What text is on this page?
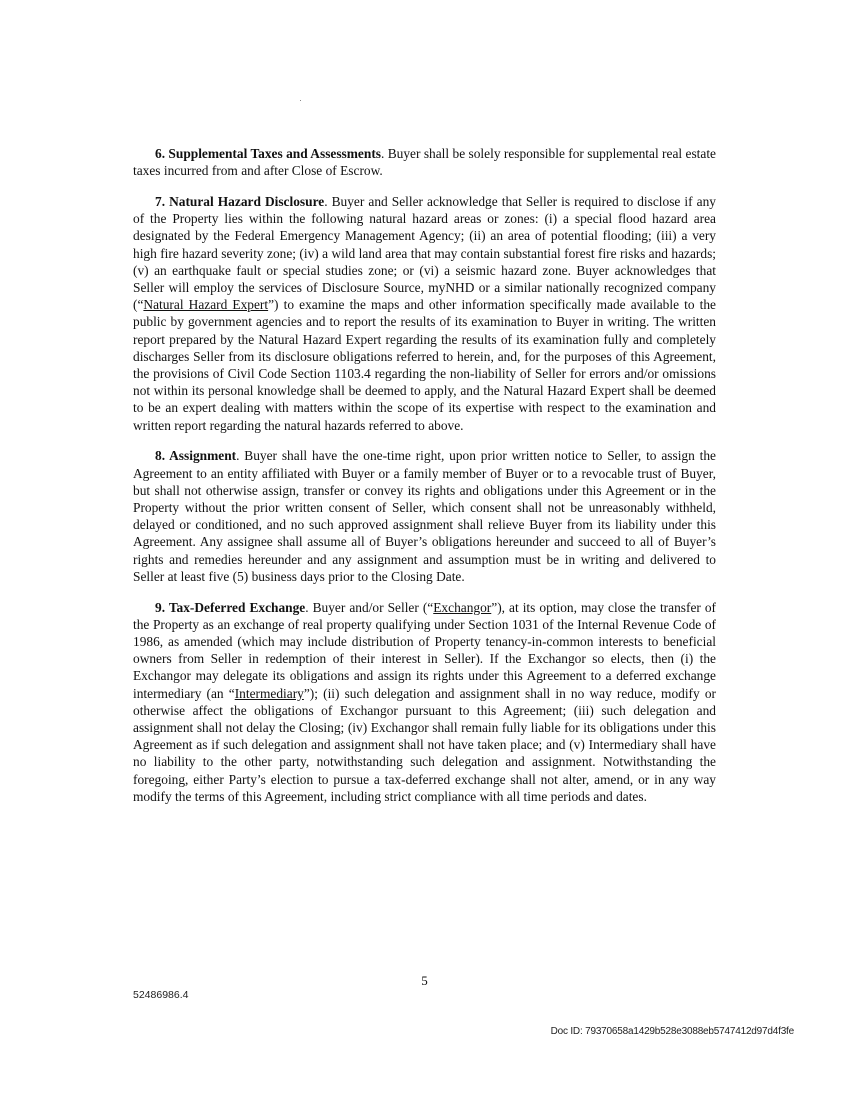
6. Supplemental Taxes and Assessments. Buyer shall be solely responsible for supplemental real estate taxes incurred from and after Close of Escrow.

7. Natural Hazard Disclosure. Buyer and Seller acknowledge that Seller is required to disclose if any of the Property lies within the following natural hazard areas or zones: (i) a special flood hazard area designated by the Federal Emergency Management Agency; (ii) an area of potential flooding; (iii) a very high fire hazard severity zone; (iv) a wild land area that may contain substantial forest fire risks and hazards; (v) an earthquake fault or special studies zone; or (vi) a seismic hazard zone. Buyer acknowledges that Seller will employ the services of Disclosure Source, myNHD or a similar nationally recognized company (“Natural Hazard Expert”) to examine the maps and other information specifically made available to the public by government agencies and to report the results of its examination to Buyer in writing. The written report prepared by the Natural Hazard Expert regarding the results of its examination fully and completely discharges Seller from its disclosure obligations referred to herein, and, for the purposes of this Agreement, the provisions of Civil Code Section 1103.4 regarding the non-liability of Seller for errors and/or omissions not within its personal knowledge shall be deemed to apply, and the Natural Hazard Expert shall be deemed to be an expert dealing with matters within the scope of its expertise with respect to the examination and written report regarding the natural hazards referred to above.

8. Assignment. Buyer shall have the one-time right, upon prior written notice to Seller, to assign the Agreement to an entity affiliated with Buyer or a family member of Buyer or to a revocable trust of Buyer, but shall not otherwise assign, transfer or convey its rights and obligations under this Agreement or in the Property without the prior written consent of Seller, which consent shall not be unreasonably withheld, delayed or conditioned, and no such approved assignment shall relieve Buyer from its liability under this Agreement. Any assignee shall assume all of Buyer’s obligations hereunder and succeed to all of Buyer’s rights and remedies hereunder and any assignment and assumption must be in writing and delivered to Seller at least five (5) business days prior to the Closing Date.

9. Tax-Deferred Exchange. Buyer and/or Seller (“Exchangor”), at its option, may close the transfer of the Property as an exchange of real property qualifying under Section 1031 of the Internal Revenue Code of 1986, as amended (which may include distribution of Property tenancy-in-common interests to beneficial owners from Seller in redemption of their interest in Seller). If the Exchangor so elects, then (i) the Exchangor may delegate its obligations and assign its rights under this Agreement to a deferred exchange intermediary (an “Intermediary”); (ii) such delegation and assignment shall in no way reduce, modify or otherwise affect the obligations of Exchangor pursuant to this Agreement; (iii) such delegation and assignment shall not delay the Closing; (iv) Exchangor shall remain fully liable for its obligations under this Agreement as if such delegation and assignment shall not have taken place; and (v) Intermediary shall have no liability to the other party, notwithstanding such delegation and assignment. Notwithstanding the foregoing, either Party’s election to pursue a tax-deferred exchange shall not alter, amend, or in any way modify the terms of this Agreement, including strict compliance with all time periods and dates.

5
52486986.4
Doc ID: 79370658a1429b528e3088eb5747412d97d4f3fe
